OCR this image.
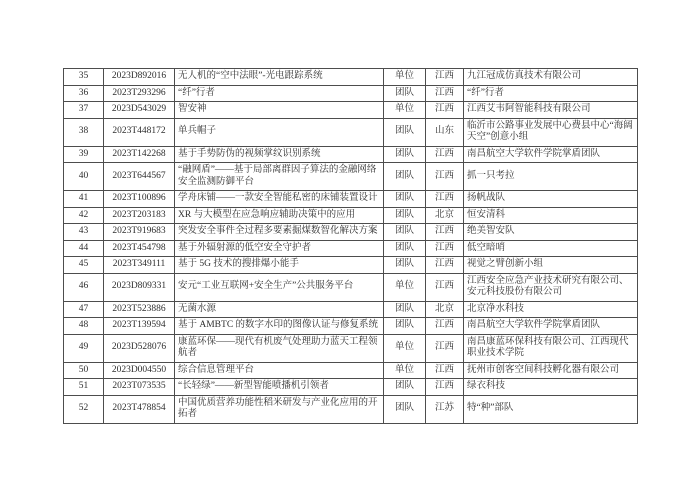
35	2023D892016	无人机的“空中法眼”-光电跟踪系统	单位	江西	九江冠成仿真技术有限公司
36	2023T293296	“纤”行者	团队	江西	“纤”行者
37	2023D543029	智安神	单位	江西	江西艾韦阿智能科技有限公司
38	2023T448172	单兵帽子	团队	山东	临沂市公路事业发展中心费县中心“海阔天空”创意小组
39	2023T142268	基于手势防伪的视频掌纹识别系统	团队	江西	南昌航空大学软件学院掌盾团队
40	2023T644567	“融网盾”——基于局部离群因子算法的金融网络安全监测防御平台	团队	江西	抓一只考拉
41	2023T100896	学舟床铺——一款安全智能私密的床铺装置设计	团队	江西	扬帆战队
42	2023T203183	XR 与大模型在应急响应辅助决策中的应用	团队	北京	恒安清科
43	2023T919683	突发安全事件全过程多要素掘煤数智化解决方案	团队	江西	绝美智安队
44	2023T454798	基于外辐射源的低空安全守护者	团队	江西	低空暗哨
45	2023T349111	基于 5G 技术的搜排爆小能手	团队	江西	视觉之臂创新小组
46	2023D809331	安元“工业互联网+安全生产”公共服务平台	单位	江西	江西安全应急产业技术研究有限公司、安元科技股份有限公司
47	2023T523886	无菌水源	团队	北京	北京净水科技
48	2023T139594	基于 AMBTC 的数字水印的图像认证与修复系统	团队	江西	南昌航空大学软件学院掌盾团队
49	2023D528076	康蓝环保——现代有机废气处理助力蓝天工程领航者	单位	江西	南昌康蓝环保科技有限公司、江西现代职业技术学院
50	2023D004550	综合信息管理平台	单位	江西	抚州市创客空间科技孵化器有限公司
51	2023T073535	“长轻绿”——新型智能喷播机引领者	团队	江西	绿衣科技
52	2023T478854	中国优质营养功能性稻米研发与产业化应用的开拓者	团队	江苏	特“种”部队
